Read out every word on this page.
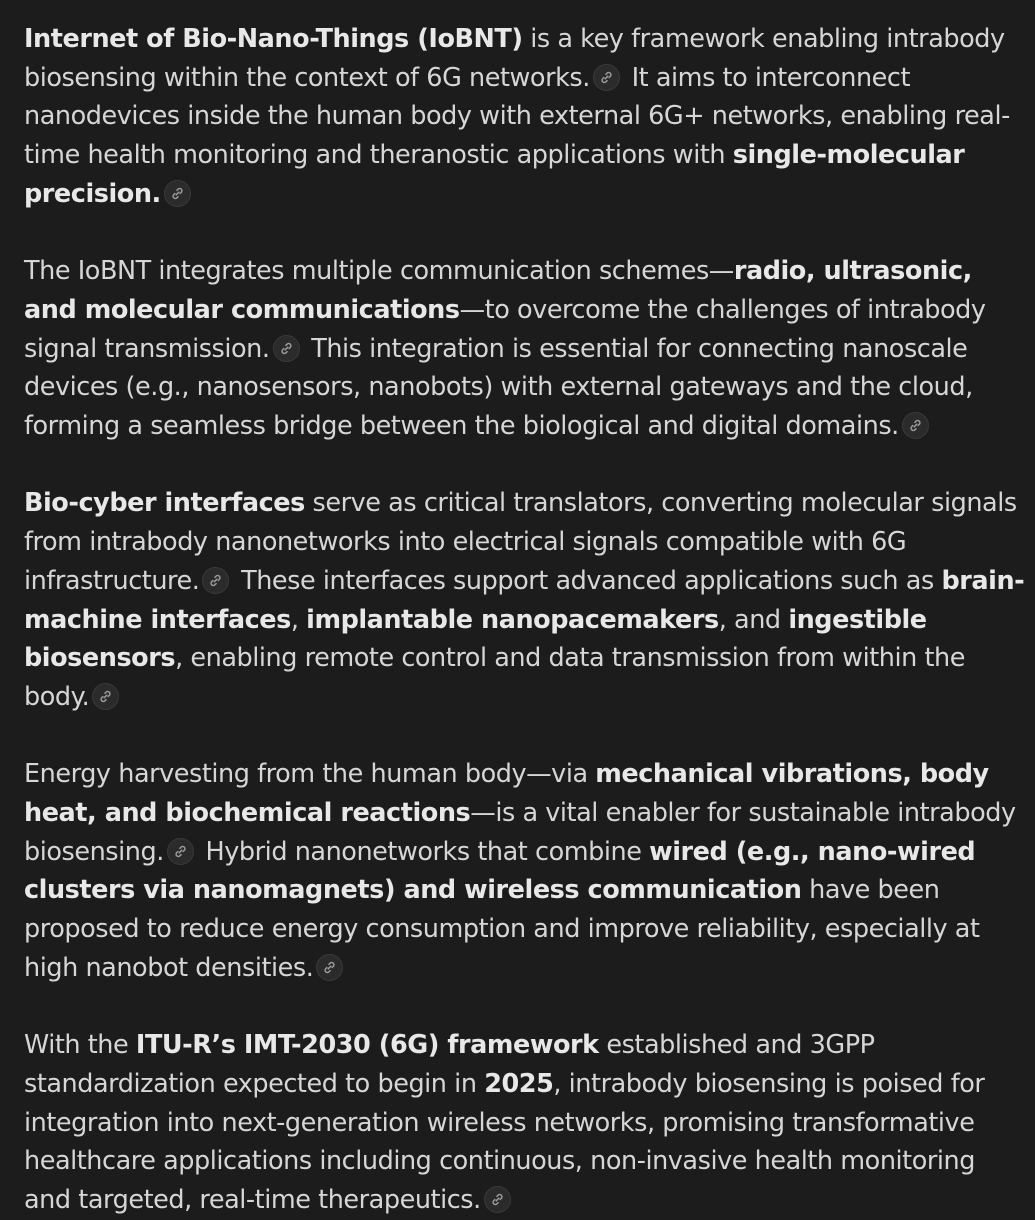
Internet of Bio-Nano-Things (IoBNT) is a key framework enabling intrabody biosensing within the context of 6G networks.
It aims to interconnect nanodevices inside the human body with external 6G+ networks, enabling real-time health monitoring and theranostic applications with single-molecular precision.

The IoBNT integrates multiple communication schemes—radio, ultrasonic, and molecular communications—to overcome the challenges of intrabody signal transmission.
This integration is essential for connecting nanoscale devices (e.g., nanosensors, nanobots) with external gateways and the cloud, forming a seamless bridge between the biological and digital domains.

Bio-cyber interfaces serve as critical translators, converting molecular signals from intrabody nanonetworks into electrical signals compatible with 6G infrastructure.
These interfaces support advanced applications such as brain-machine interfaces, implantable nanopacemakers, and ingestible biosensors, enabling remote control and data transmission from within the body.

Energy harvesting from the human body—via mechanical vibrations, body heat, and biochemical reactions—is a vital enabler for sustainable intrabody biosensing.
Hybrid nanonetworks that combine wired (e.g., nano-wired clusters via nanomagnets) and wireless communication have been proposed to reduce energy consumption and improve reliability, especially at high nanobot densities.

With the ITU-R’s IMT-2030 (6G) framework established and 3GPP standardization expected to begin in 2025, intrabody biosensing is poised for integration into next-generation wireless networks, promising transformative healthcare applications including continuous, non-invasive health monitoring and targeted, real-time therapeutics.
